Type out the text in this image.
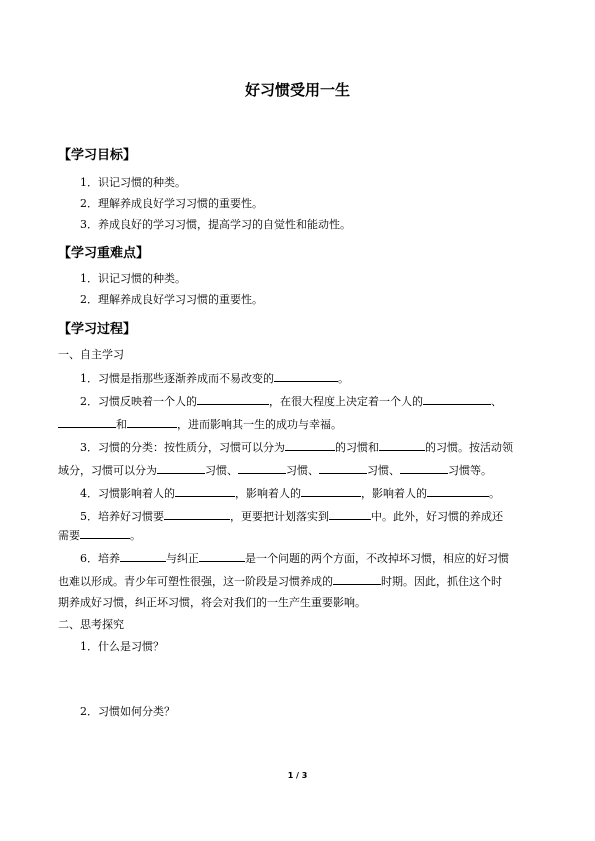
好习惯受用一生
【学习目标】
1．识记习惯的种类。
2．理解养成良好学习习惯的重要性。
3．养成良好的学习习惯，提高学习的自觉性和能动性。
【学习重难点】
1．识记习惯的种类。
2．理解养成良好学习习惯的重要性。
【学习过程】
一、自主学习
1．习惯是指那些逐渐养成而不易改变的	。
2．习惯反映着一个人的	，在很大程度上决定着一个人的	、
和	，进而影响其一生的成功与幸福。
3．习惯的分类：按性质分，习惯可以分为	的习惯和	的习惯。按活动领
域分，习惯可以分为	习惯、	习惯、	习惯、	习惯等。
4．习惯影响着人的	，影响着人的	，影响着人的	。
5．培养好习惯要	，更要把计划落实到	中。此外，好习惯的养成还
需要	。
6．培养	与纠正	是一个问题的两个方面，不改掉坏习惯，相应的好习惯
也难以形成。青少年可塑性很强，这一阶段是习惯养成的	时期。因此，抓住这个时
期养成好习惯，纠正坏习惯，将会对我们的一生产生重要影响。
二、思考探究
1．什么是习惯？
2．习惯如何分类？
1 / 3
